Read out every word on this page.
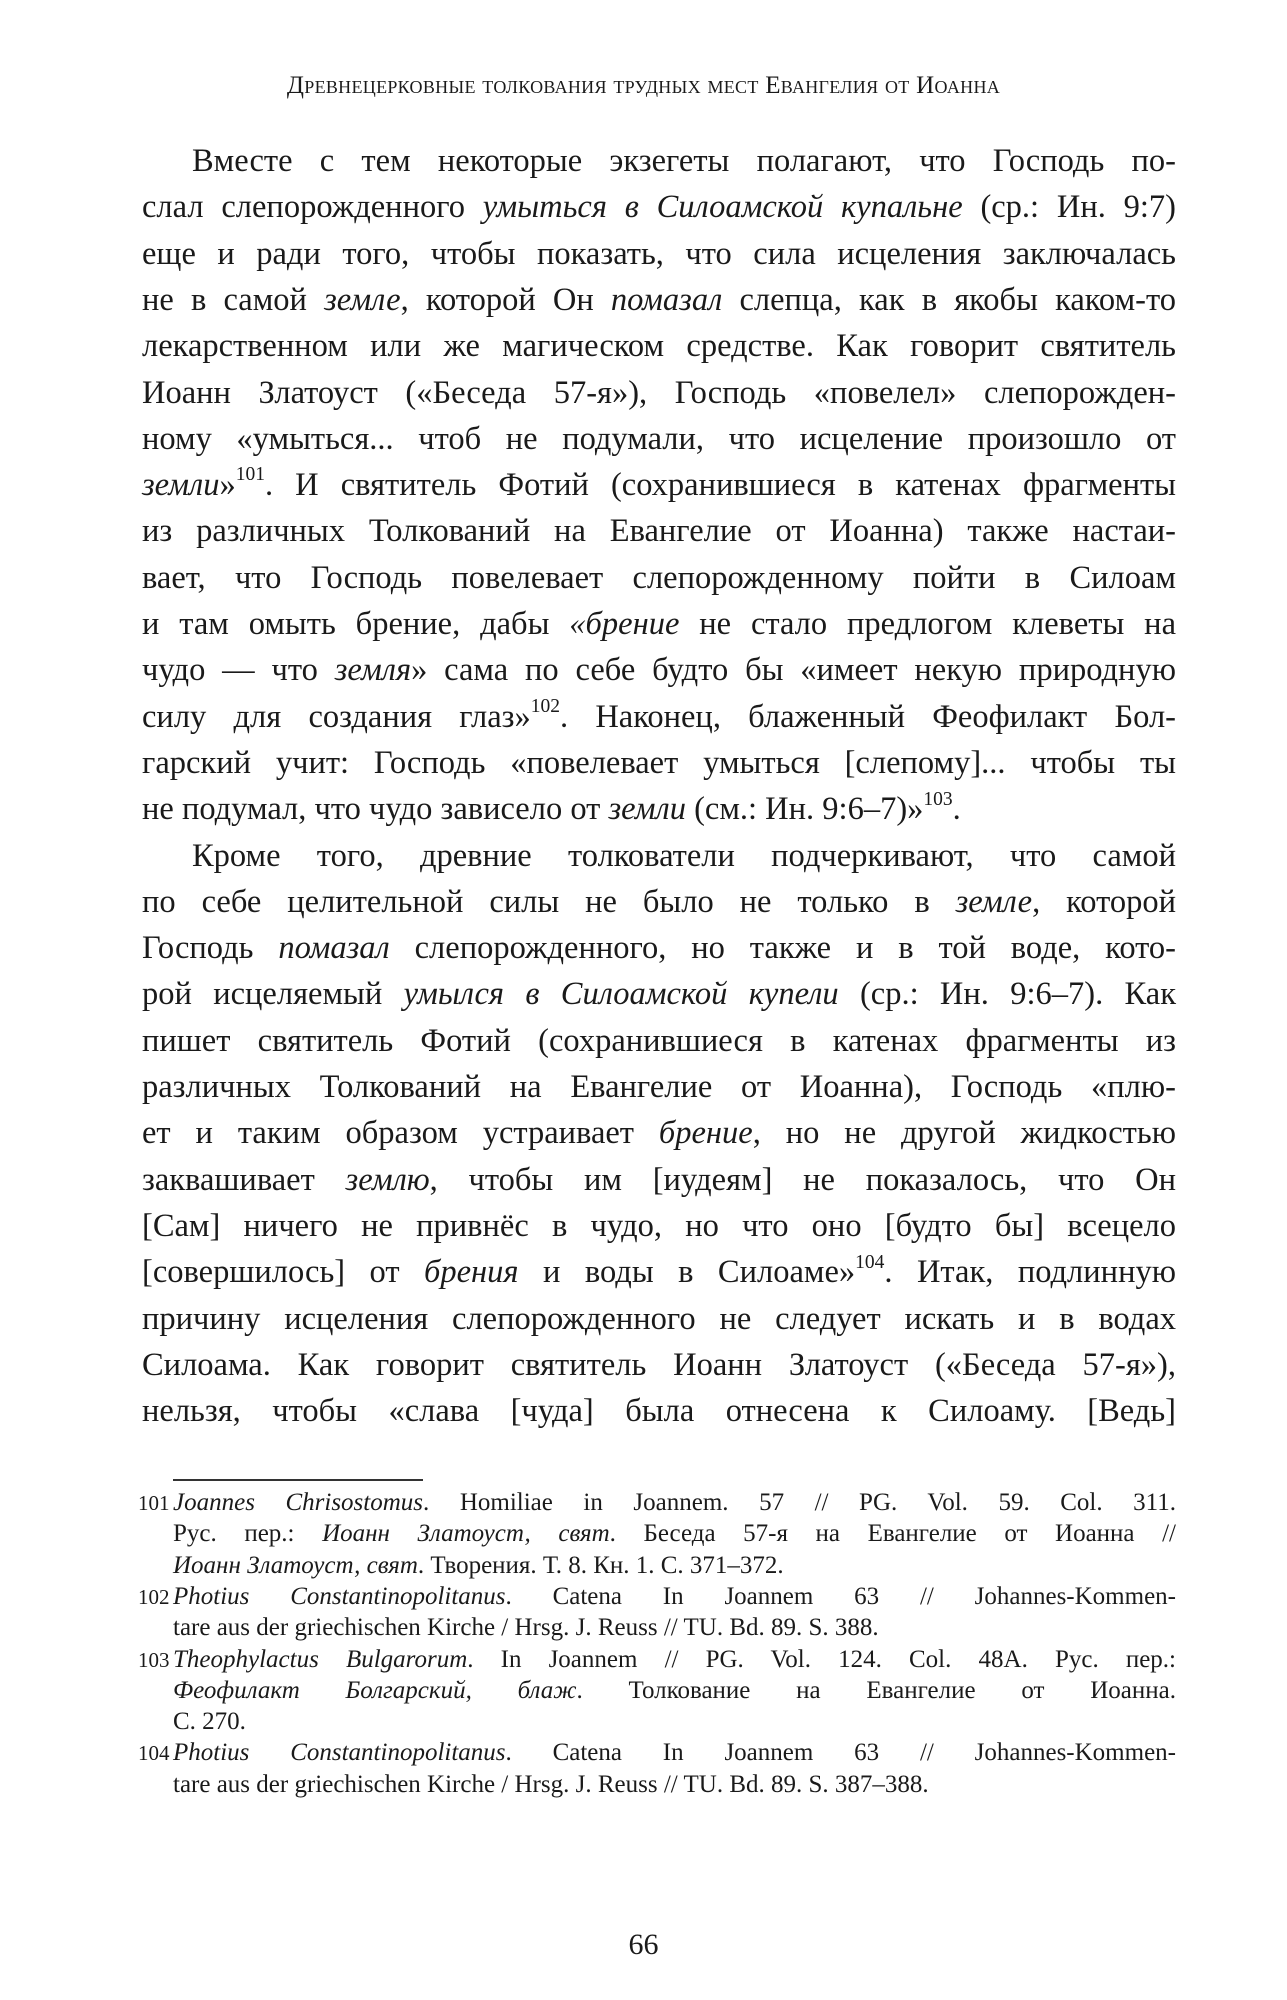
Древнецерковные толкования трудных мест Евангелия от Иоанна
Вместе с тем некоторые экзегеты полагают, что Господь по-
слал слепорожденного умыться в Силоамской купальне (ср.: Ин. 9:7)
еще и ради того, чтобы показать, что сила исцеления заключалась
не в самой земле, которой Он помазал слепца, как в якобы каком-то
лекарственном или же магическом средстве. Как говорит святитель
Иоанн Златоуст («Беседа 57-я»), Господь «повелел» слепорожден-
ному «умыться... чтоб не подумали, что исцеление произошло от
земли»$^{101}$. И святитель Фотий (сохранившиеся в катенах фрагменты
из различных Толкований на Евангелие от Иоанна) также настаи-
вает, что Господь повелевает слепорожденному пойти в Силоам
и там омыть брение, дабы «брение не стало предлогом клеветы на
чудо — что земля» сама по себе будто бы «имеет некую природную
силу для создания глаз»$^{102}$. Наконец, блаженный Феофилакт Бол-
гарский учит: Господь «повелевает умыться [слепому]... чтобы ты
не подумал, что чудо зависело от земли (см.: Ин. 9:6–7)»$^{103}$.
Кроме того, древние толкователи подчеркивают, что самой
по себе целительной силы не было не только в земле, которой
Господь помазал слепорожденного, но также и в той воде, кото-
рой исцеляемый умылся в Силоамской купели (ср.: Ин. 9:6–7). Как
пишет святитель Фотий (сохранившиеся в катенах фрагменты из
различных Толкований на Евангелие от Иоанна), Господь «плю-
ет и таким образом устраивает брение, но не другой жидкостью
заквашивает землю, чтобы им [иудеям] не показалось, что Он
[Сам] ничего не привнёс в чудо, но что оно [будто бы] всецело
[совершилось] от брения и воды в Силоаме»$^{104}$. Итак, подлинную
причину исцеления слепорожденного не следует искать и в водах
Силоама. Как говорит святитель Иоанн Златоуст («Беседа 57-я»),
нельзя, чтобы «слава [чуда] была отнесена к Силоаму. [Ведь]
101 Joannes Chrisostomus. Homiliae in Joannem. 57 // PG. Vol. 59. Col. 311.
Рус. пер.: Иоанн Златоуст, свят. Беседа 57-я на Евангелие от Иоанна //
Иоанн Златоуст, свят. Творения. Т. 8. Кн. 1. С. 371–372.
102 Photius Constantinopolitanus. Catena In Joannem 63 // Johannes-Kommen-
tare aus der griechischen Kirche / Hrsg. J. Reuss // TU. Bd. 89. S. 388.
103 Theophylactus Bulgarorum. In Joannem // PG. Vol. 124. Col. 48A. Рус. пер.:
Феофилакт Болгарский, блаж. Толкование на Евангелие от Иоанна.
С. 270.
104 Photius Constantinopolitanus. Catena In Joannem 63 // Johannes-Kommen-
tare aus der griechischen Kirche / Hrsg. J. Reuss // TU. Bd. 89. S. 387–388.
66
